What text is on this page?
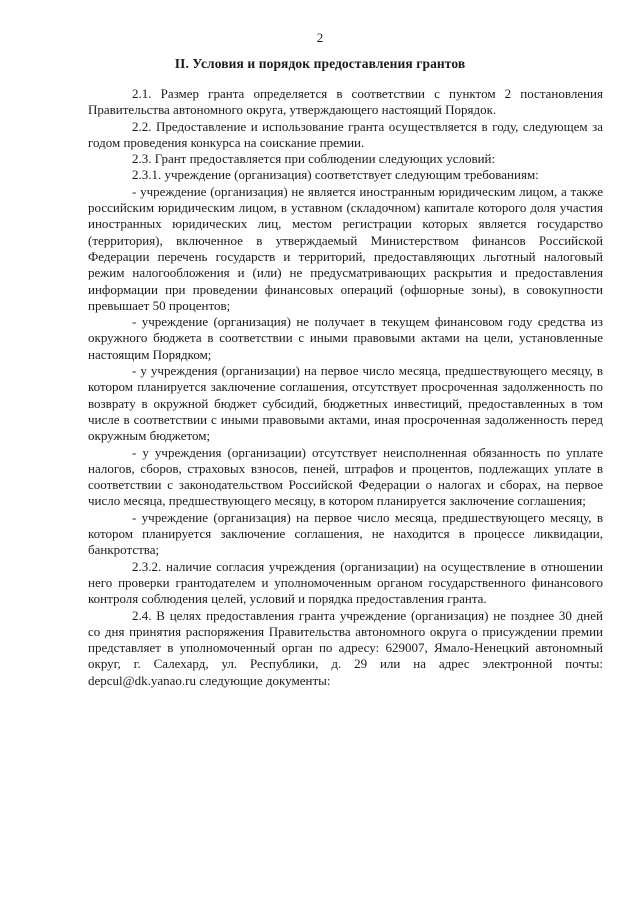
2
II. Условия и порядок предоставления грантов

2.1. Размер гранта определяется в соответствии с пунктом 2 постановления Правительства автономного округа, утверждающего настоящий Порядок.

2.2. Предоставление и использование гранта осуществляется в году, следующем за годом проведения конкурса на соискание премии.

2.3. Грант предоставляется при соблюдении следующих условий:

2.3.1. учреждение (организация) соответствует следующим требованиям:

- учреждение (организация) не является иностранным юридическим лицом, а также российским юридическим лицом, в уставном (складочном) капитале которого доля участия иностранных юридических лиц, местом регистрации которых является государство (территория), включенное в утверждаемый Министерством финансов Российской Федерации перечень государств и территорий, предоставляющих льготный налоговый режим налогообложения и (или) не предусматривающих раскрытия и предоставления информации при проведении финансовых операций (офшорные зоны), в совокупности превышает 50 процентов;

- учреждение (организация) не получает в текущем финансовом году средства из окружного бюджета в соответствии с иными правовыми актами на цели, установленные настоящим Порядком;

- у учреждения (организации) на первое число месяца, предшествующего месяцу, в котором планируется заключение соглашения, отсутствует просроченная задолженность по возврату в окружной бюджет субсидий, бюджетных инвестиций, предоставленных в том числе в соответствии с иными правовыми актами, иная просроченная задолженность перед окружным бюджетом;

- у учреждения (организации) отсутствует неисполненная обязанность по уплате налогов, сборов, страховых взносов, пеней, штрафов и процентов, подлежащих уплате в соответствии с законодательством Российской Федерации о налогах и сборах, на первое число месяца, предшествующего месяцу, в котором планируется заключение соглашения;

- учреждение (организация) на первое число месяца, предшествующего месяцу, в котором планируется заключение соглашения, не находится в процессе ликвидации, банкротства;

2.3.2. наличие согласия учреждения (организации) на осуществление в отношении него проверки грантодателем и уполномоченным органом государственного финансового контроля соблюдения целей, условий и порядка предоставления гранта.

2.4. В целях предоставления гранта учреждение (организация) не позднее 30 дней со дня принятия распоряжения Правительства автономного округа о присуждении премии представляет в уполномоченный орган по адресу: 629007, Ямало-Ненецкий автономный округ, г. Салехард, ул. Республики, д. 29 или на адрес электронной почты: depcul@dk.yanao.ru следующие документы:
